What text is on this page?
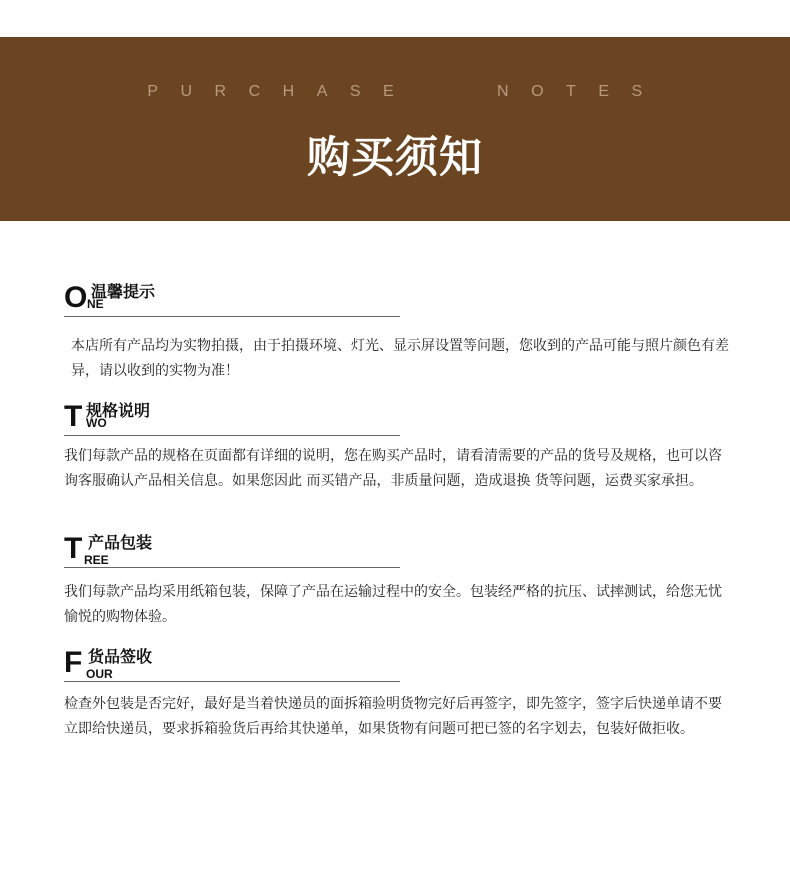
PURCHASE   NOTES
购买须知
O NE
温馨提示

本店所有产品均为实物拍摄，由于拍摄环境、灯光、显示屏设置等问题，您收到的产品可能与照片颜色有差异，请以收到的实物为准！

T WO
规格说明

我们每款产品的规格在页面都有详细的说明，您在购买产品时，请看清需要的产品的货号及规格，也可以咨询客服确认产品相关信息。如果您因此 而买错产品，非质量问题，造成退换 货等问题，运费买家承担。

T REE
产品包装

我们每款产品均采用纸箱包装，保障了产品在运输过程中的安全。包装经严格的抗压、试摔测试，给您无忧愉悦的购物体验。

F OUR
货品签收

检查外包装是否完好，最好是当着快递员的面拆箱验明货物完好后再签字，即先签字，签字后快递单请不要立即给快递员，要求拆箱验货后再给其快递单，如果货物有问题可把已签的名字划去，包装好做拒收。
